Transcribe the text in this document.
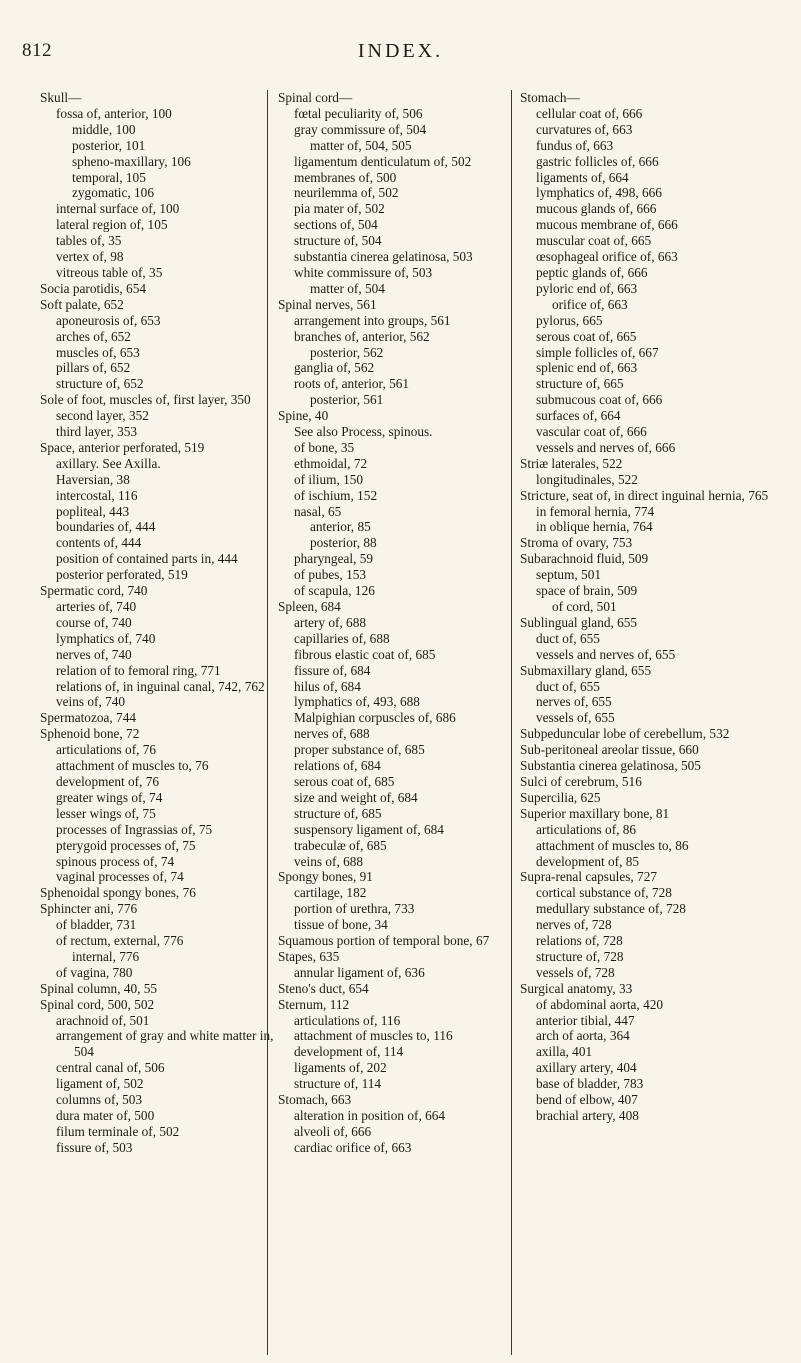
812	INDEX.

Skull—

fossa of, anterior, 100

middle, 100

posterior, 101

spheno-maxillary, 106

temporal, 105

zygomatic, 106

internal surface of, 100

lateral region of, 105

tables of, 35

vertex of, 98

vitreous table of, 35

Socia parotidis, 654

Soft palate, 652

aponeurosis of, 653

arches of, 652

muscles of, 653

pillars of, 652

structure of, 652

Sole of foot, muscles of, first layer, 350

second layer, 352

third layer, 353

Space, anterior perforated, 519

axillary. See Axilla.

Haversian, 38

intercostal, 116

popliteal, 443

boundaries of, 444

contents of, 444

position of contained parts in, 444

posterior perforated, 519

Spermatic cord, 740

arteries of, 740

course of, 740

lymphatics of, 740

nerves of, 740

relation of to femoral ring, 771

relations of, in inguinal canal, 742, 762

veins of, 740

Spermatozoa, 744

Sphenoid bone, 72

articulations of, 76

attachment of muscles to, 76

development of, 76

greater wings of, 74

lesser wings of, 75

processes of Ingrassias of, 75

pterygoid processes of, 75

spinous process of, 74

vaginal processes of, 74

Sphenoidal spongy bones, 76

Sphincter ani, 776

of bladder, 731

of rectum, external, 776

internal, 776

of vagina, 780

Spinal column, 40, 55

Spinal cord, 500, 502

arachnoid of, 501

arrangement of gray and white matter in, 504

central canal of, 506

ligament of, 502

columns of, 503

dura mater of, 500

filum terminale of, 502

fissure of, 503

Spinal cord—

fœtal peculiarity of, 506

gray commissure of, 504

matter of, 504, 505

ligamentum denticulatum of, 502

membranes of, 500

neurilemma of, 502

pia mater of, 502

sections of, 504

structure of, 504

substantia cinerea gelatinosa, 503

white commissure of, 503

matter of, 504

Spinal nerves, 561

arrangement into groups, 561

branches of, anterior, 562

posterior, 562

ganglia of, 562

roots of, anterior, 561

posterior, 561

Spine, 40

See also Process, spinous.

of bone, 35

ethmoidal, 72

of ilium, 150

of ischium, 152

nasal, 65

anterior, 85

posterior, 88

pharyngeal, 59

of pubes, 153

of scapula, 126

Spleen, 684

artery of, 688

capillaries of, 688

fibrous elastic coat of, 685

fissure of, 684

hilus of, 684

lymphatics of, 493, 688

Malpighian corpuscles of, 686

nerves of, 688

proper substance of, 685

relations of, 684

serous coat of, 685

size and weight of, 684

structure of, 685

suspensory ligament of, 684

trabeculæ of, 685

veins of, 688

Spongy bones, 91

cartilage, 182

portion of urethra, 733

tissue of bone, 34

Squamous portion of temporal bone, 67

Stapes, 635

annular ligament of, 636

Steno's duct, 654

Sternum, 112

articulations of, 116

attachment of muscles to, 116

development of, 114

ligaments of, 202

structure of, 114

Stomach, 663

alteration in position of, 664

alveoli of, 666

cardiac orifice of, 663

Stomach—

cellular coat of, 666

curvatures of, 663

fundus of, 663

gastric follicles of, 666

ligaments of, 664

lymphatics of, 498, 666

mucous glands of, 666

mucous membrane of, 666

muscular coat of, 665

œsophageal orifice of, 663

peptic glands of, 666

pyloric end of, 663

orifice of, 663

pylorus, 665

serous coat of, 665

simple follicles of, 667

splenic end of, 663

structure of, 665

submucous coat of, 666

surfaces of, 664

vascular coat of, 666

vessels and nerves of, 666

Striæ laterales, 522

longitudinales, 522

Stricture, seat of, in direct inguinal hernia, 765

in femoral hernia, 774

in oblique hernia, 764

Stroma of ovary, 753

Subarachnoid fluid, 509

septum, 501

space of brain, 509

of cord, 501

Sublingual gland, 655

duct of, 655

vessels and nerves of, 655

Submaxillary gland, 655

duct of, 655

nerves of, 655

vessels of, 655

Subpeduncular lobe of cerebellum, 532

Sub-peritoneal areolar tissue, 660

Substantia cinerea gelatinosa, 505

Sulci of cerebrum, 516

Supercilia, 625

Superior maxillary bone, 81

articulations of, 86

attachment of muscles to, 86

development of, 85

Supra-renal capsules, 727

cortical substance of, 728

medullary substance of, 728

nerves of, 728

relations of, 728

structure of, 728

vessels of, 728

Surgical anatomy, 33

of abdominal aorta, 420

anterior tibial, 447

arch of aorta, 364

axilla, 401

axillary artery, 404

base of bladder, 783

bend of elbow, 407

brachial artery, 408
